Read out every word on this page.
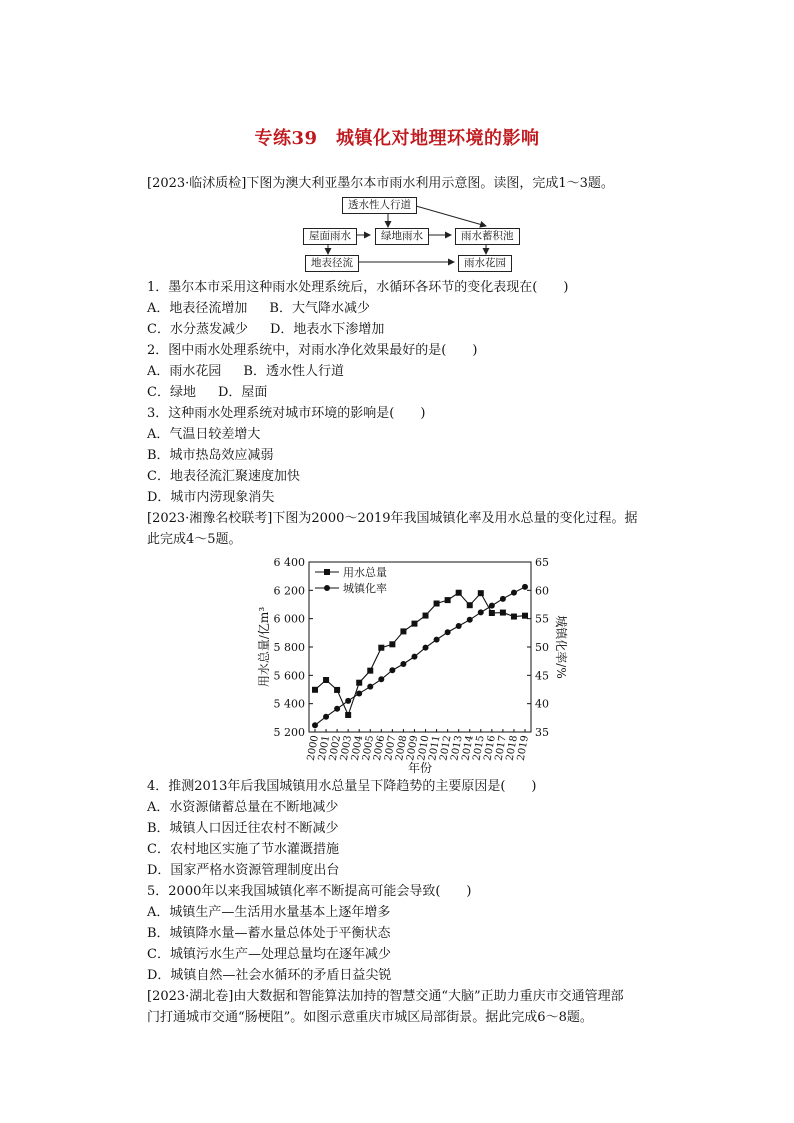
专练39　城镇化对地理环境的影响
[2023·临沭质检]下图为澳大利亚墨尔本市雨水利用示意图。读图，完成1～3题。
透水性人行道
屋面雨水	绿地雨水	雨水蓄积池
地表径流	雨水花园
1．墨尔本市采用这种雨水处理系统后，水循环各环节的变化表现在(　　)
A．地表径流增加 B．大气降水减少
C．水分蒸发减少 D．地表水下渗增加
2．图中雨水处理系统中，对雨水净化效果最好的是(　　)
A．雨水花园 B．透水性人行道
C．绿地 D．屋面
3．这种雨水处理系统对城市环境的影响是(　　)
A．气温日较差增大
B．城市热岛效应减弱
C．地表径流汇聚速度加快
D．城市内涝现象消失
[2023·湘豫名校联考]下图为2000～2019年我国城镇化率及用水总量的变化过程。据
此完成4～5题。
5 200
5 400
5 600
5 800
6 000
6 200
6 400
35
40
45
50
55
60
65
2000
2001
2002
2003
2004
2005
2006
2007
2008
2009
2010
2011
2012
2013
2014
2015
2016
2017
2018
2019
用水总量/亿m³	城镇化率/%
年份
用水总量
城镇化率
4．推测2013年后我国城镇用水总量呈下降趋势的主要原因是(　　)
A．水资源储蓄总量在不断地减少
B．城镇人口因迁往农村不断减少
C．农村地区实施了节水灌溉措施
D．国家严格水资源管理制度出台
5．2000年以来我国城镇化率不断提高可能会导致(　　)
A．城镇生产—生活用水量基本上逐年增多
B．城镇降水量—蓄水量总体处于平衡状态
C．城镇污水生产—处理总量均在逐年减少
D．城镇自然—社会水循环的矛盾日益尖锐
[2023·湖北卷]由大数据和智能算法加持的智慧交通“大脑”正助力重庆市交通管理部
门打通城市交通“肠梗阻”。如图示意重庆市城区局部街景。据此完成6～8题。
